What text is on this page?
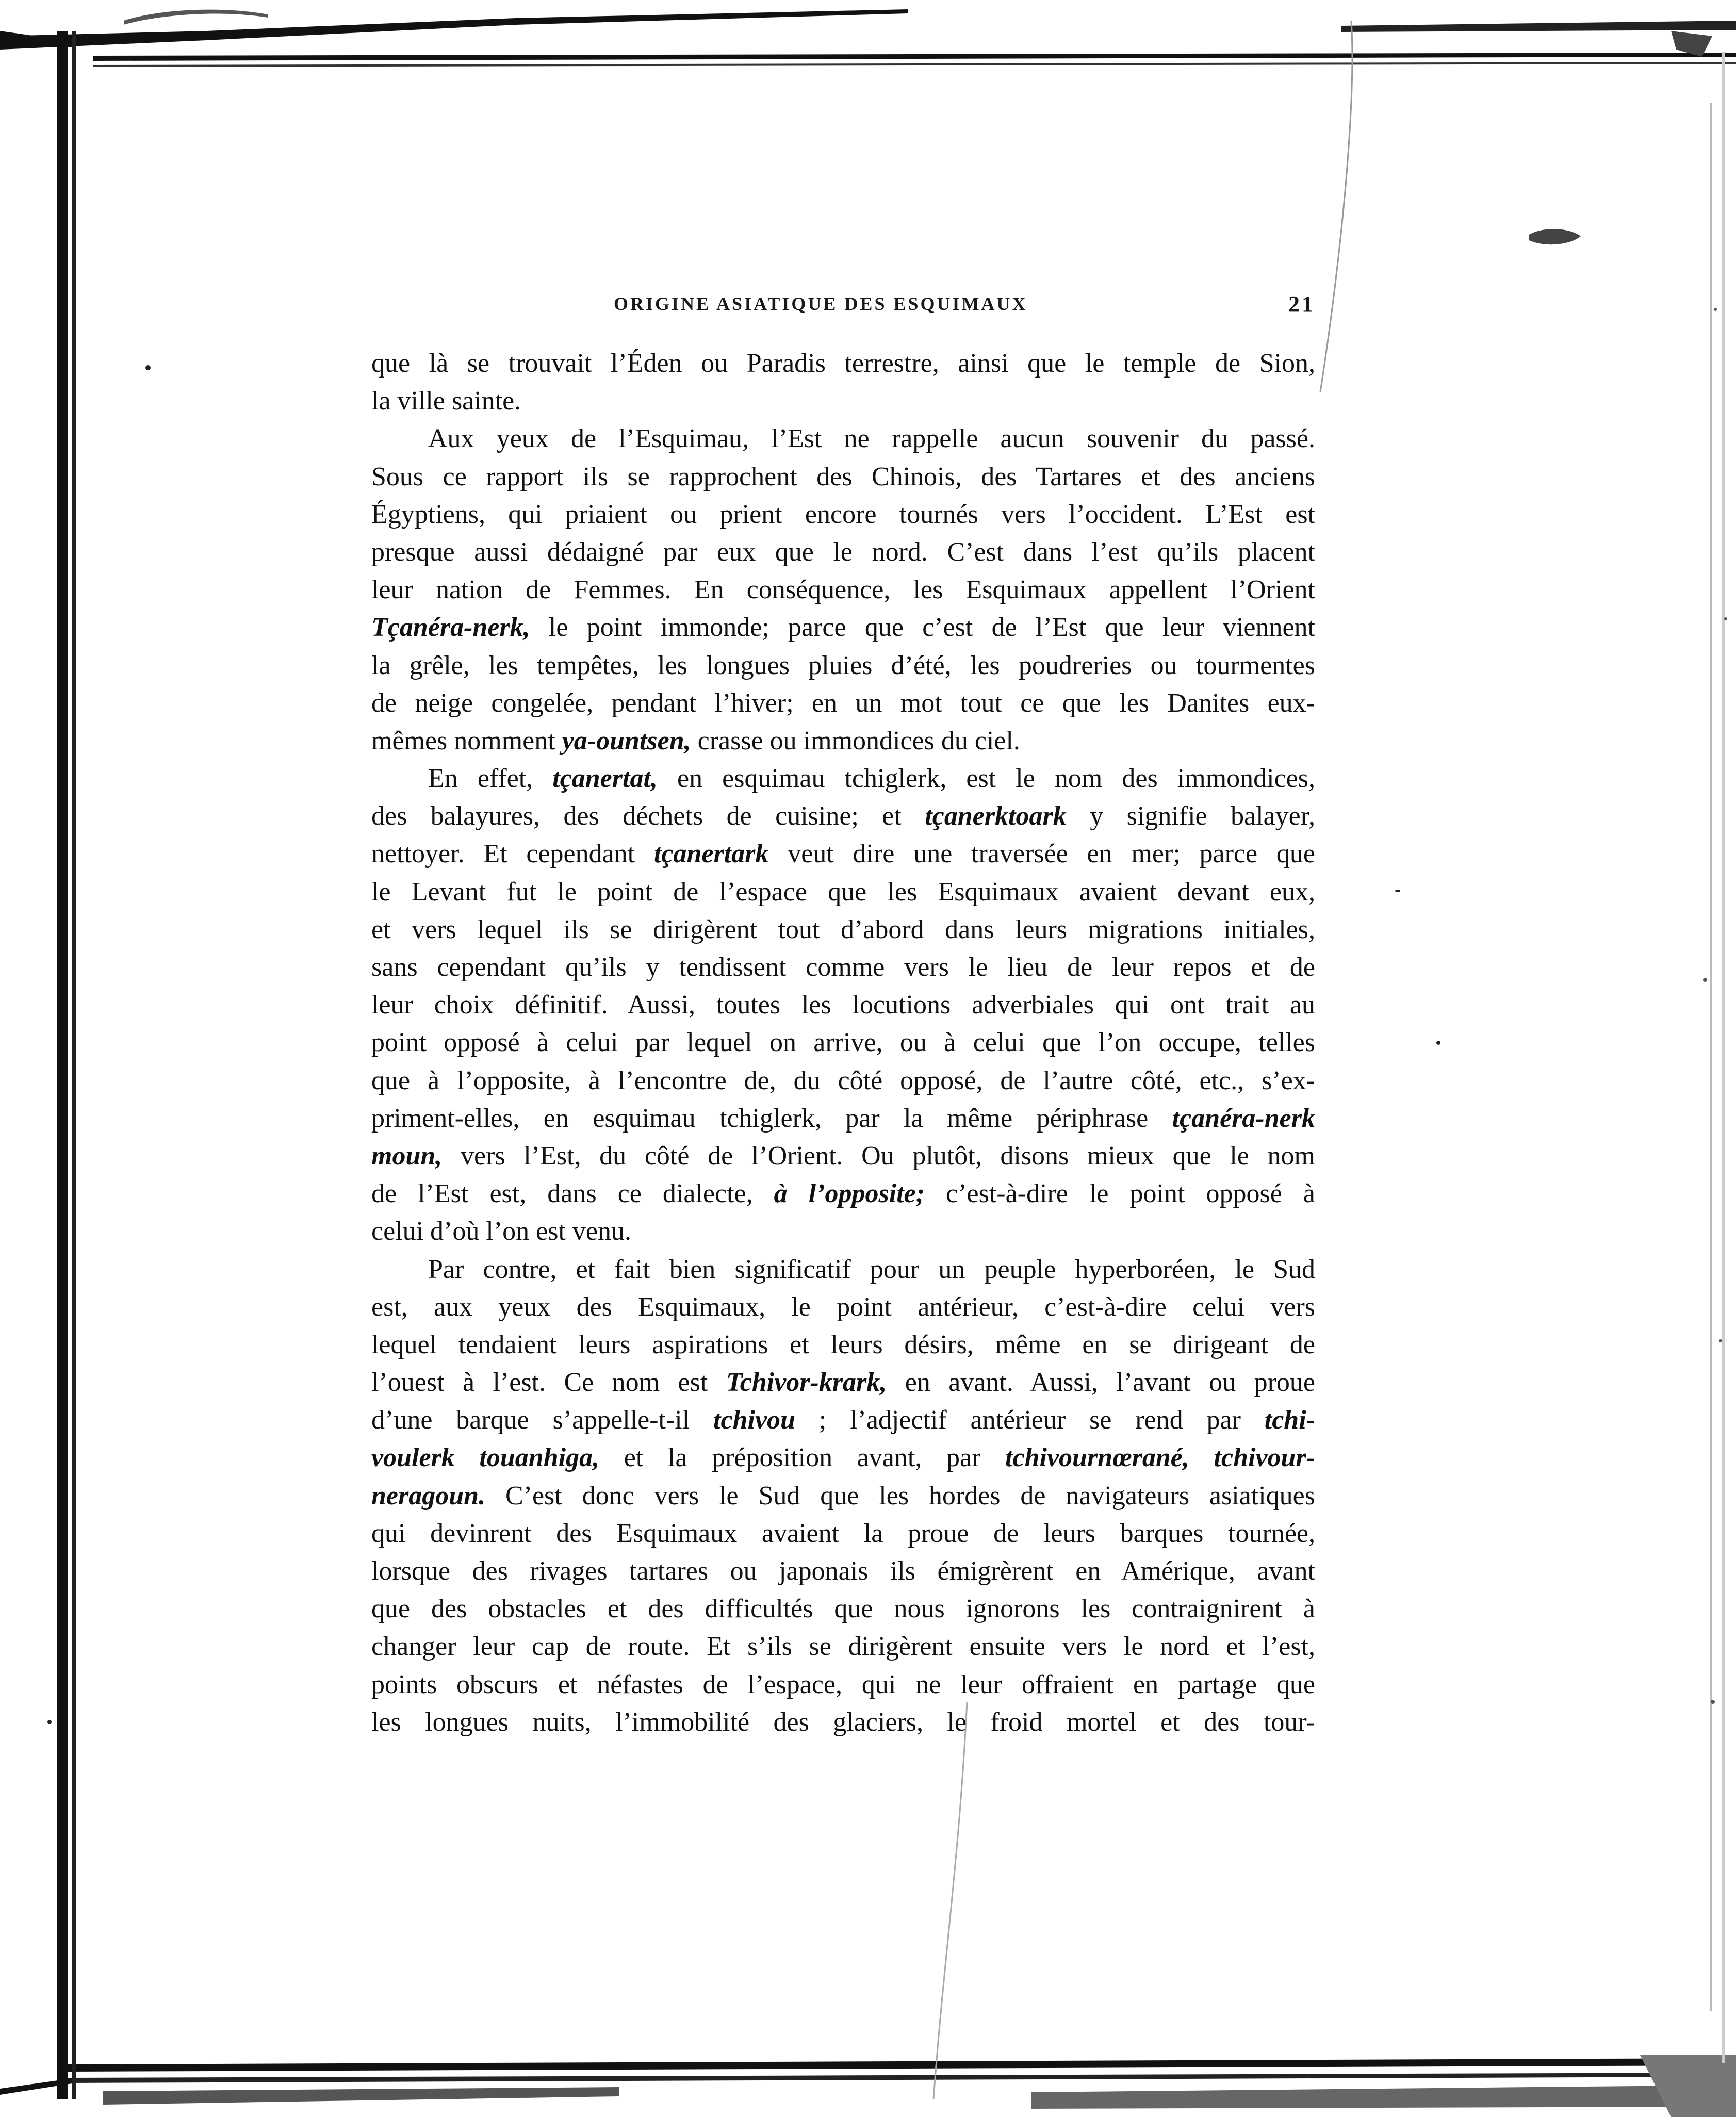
ORIGINE ASIATIQUE DES ESQUIMAUX	21
que là se trouvait l’Éden ou Paradis terrestre, ainsi que le temple de Sion,
la ville sainte.
Aux yeux de l’Esquimau, l’Est ne rappelle aucun souvenir du passé.
Sous ce rapport ils se rapprochent des Chinois, des Tartares et des anciens
Égyptiens, qui priaient ou prient encore tournés vers l’occident. L’Est est
presque aussi dédaigné par eux que le nord. C’est dans l’est qu’ils placent
leur nation de Femmes. En conséquence, les Esquimaux appellent l’Orient
Tçanéra-nerk, le point immonde; parce que c’est de l’Est que leur viennent
la grêle, les tempêtes, les longues pluies d’été, les poudreries ou tourmentes
de neige congelée, pendant l’hiver; en un mot tout ce que les Danites eux-
mêmes nomment ya-ountsen, crasse ou immondices du ciel.
En effet, tçanertat, en esquimau tchiglerk, est le nom des immondices,
des balayures, des déchets de cuisine; et tçanerktoark y signifie balayer,
nettoyer. Et cependant tçanertark veut dire une traversée en mer; parce que
le Levant fut le point de l’espace que les Esquimaux avaient devant eux,
et vers lequel ils se dirigèrent tout d’abord dans leurs migrations initiales,
sans cependant qu’ils y tendissent comme vers le lieu de leur repos et de
leur choix définitif. Aussi, toutes les locutions adverbiales qui ont trait au
point opposé à celui par lequel on arrive, ou à celui que l’on occupe, telles
que à l’opposite, à l’encontre de, du côté opposé, de l’autre côté, etc., s’ex-
priment-elles, en esquimau tchiglerk, par la même périphrase tçanéra-nerk
moun, vers l’Est, du côté de l’Orient. Ou plutôt, disons mieux que le nom
de l’Est est, dans ce dialecte, à l’opposite; c’est-à-dire le point opposé à
celui d’où l’on est venu.
Par contre, et fait bien significatif pour un peuple hyperboréen, le Sud
est, aux yeux des Esquimaux, le point antérieur, c’est-à-dire celui vers
lequel tendaient leurs aspirations et leurs désirs, même en se dirigeant de
l’ouest à l’est. Ce nom est Tchivor-krark, en avant. Aussi, l’avant ou proue
d’une barque s’appelle-t-il tchivou ; l’adjectif antérieur se rend par tchi-
voulerk touanhiga, et la préposition avant, par tchivournœrané, tchivour-
neragoun. C’est donc vers le Sud que les hordes de navigateurs asiatiques
qui devinrent des Esquimaux avaient la proue de leurs barques tournée,
lorsque des rivages tartares ou japonais ils émigrèrent en Amérique, avant
que des obstacles et des difficultés que nous ignorons les contraignirent à
changer leur cap de route. Et s’ils se dirigèrent ensuite vers le nord et l’est,
points obscurs et néfastes de l’espace, qui ne leur offraient en partage que
les longues nuits, l’immobilité des glaciers, le froid mortel et des tour-
